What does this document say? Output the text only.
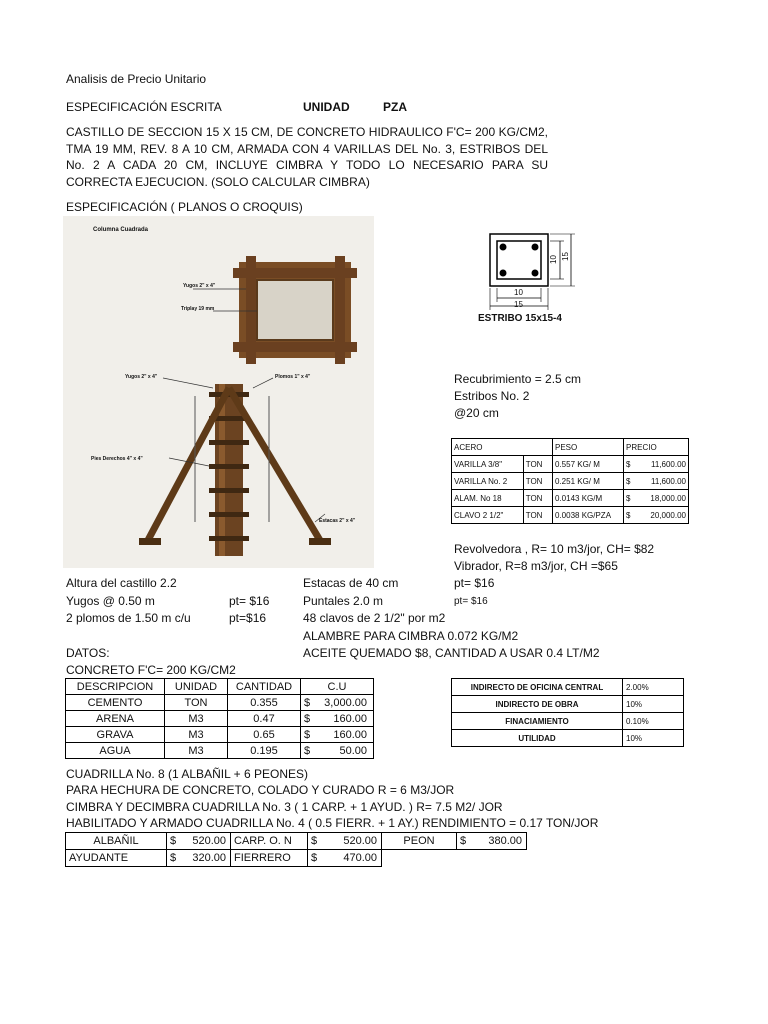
Analisis de Precio Unitario
ESPECIFICACIÓN ESCRITA	UNIDAD	PZA
CASTILLO DE SECCION 15 X 15 CM, DE CONCRETO HIDRAULICO F'C= 200 KG/CM2, TMA 19 MM, REV. 8 A 10 CM, ARMADA CON 4 VARILLAS DEL No. 3, ESTRIBOS DEL No. 2 A CADA 20 CM, INCLUYE CIMBRA Y TODO LO NECESARIO PARA SU CORRECTA EJECUCION. (SOLO CALCULAR CIMBRA)
ESPECIFICACIÓN ( PLANOS O CROQUIS)
Columna Cuadrada
Yugos 2" x 4"
Triplay 19 mm
Yugos 2" x 4"	Plomos 1" x 4"
Pies Derechos 4" x 4"
Estacas 2" x 4"
10
15
10 15
ESTRIBO 15x15-4
Recubrimiento = 2.5 cm
Estribos No. 2
@20 cm
ACERO		PESO	PRECIO	
VARILLA 3/8"	TON	0.557 KG/ M	$	11,600.00
VARILLA No. 2	TON	0.251 KG/ M	$	11,600.00
ALAM. No 18	TON	0.0143 KG/M	$	18,000.00
CLAVO 2 1/2"	TON	0.0038 KG/PZA	$	20,000.00
Revolvedora , R= 10 m3/jor, CH= $82
Vibrador, R=8 m3/jor, CH =$65
Altura del castillo 2.2	Estacas de 40 cm	pt= $16
Yugos @ 0.50 m	pt= $16	Puntales 2.0 m	pt= $16
2 plomos de 1.50 m c/u	pt=$16	48 clavos de 2 1/2" por m2
ALAMBRE PARA CIMBRA 0.072 KG/M2
DATOS:	ACEITE QUEMADO $8, CANTIDAD A USAR 0.4 LT/M2
CONCRETO F'C= 200 KG/CM2
DESCRIPCION	UNIDAD	CANTIDAD	C.U	
CEMENTO	TON	0.355	$	3,000.00
ARENA	M3	0.47	$	160.00
GRAVA	M3	0.65	$	160.00
AGUA	M3	0.195	$	50.00
INDIRECTO DE OFICINA CENTRAL	2.00%
INDIRECTO DE OBRA	10%
FINACIAMIENTO	0.10%
UTILIDAD	10%
CUADRILLA No. 8 (1 ALBAÑIL + 6 PEONES)
PARA HECHURA DE CONCRETO, COLADO Y CURADO R = 6 M3/JOR
CIMBRA Y DECIMBRA CUADRILLA No. 3 ( 1 CARP. + 1 AYUD. ) R= 7.5 M2/ JOR
HABILITADO Y ARMADO CUADRILLA No. 4 ( 0.5 FIERR. + 1 AY.) RENDIMIENTO = 0.17 TON/JOR
ALBAÑIL	$	520.00	CARP. O. N	$	520.00	PEON	$	380.00
AYUDANTE	$	320.00	FIERRERO	$	470.00			
